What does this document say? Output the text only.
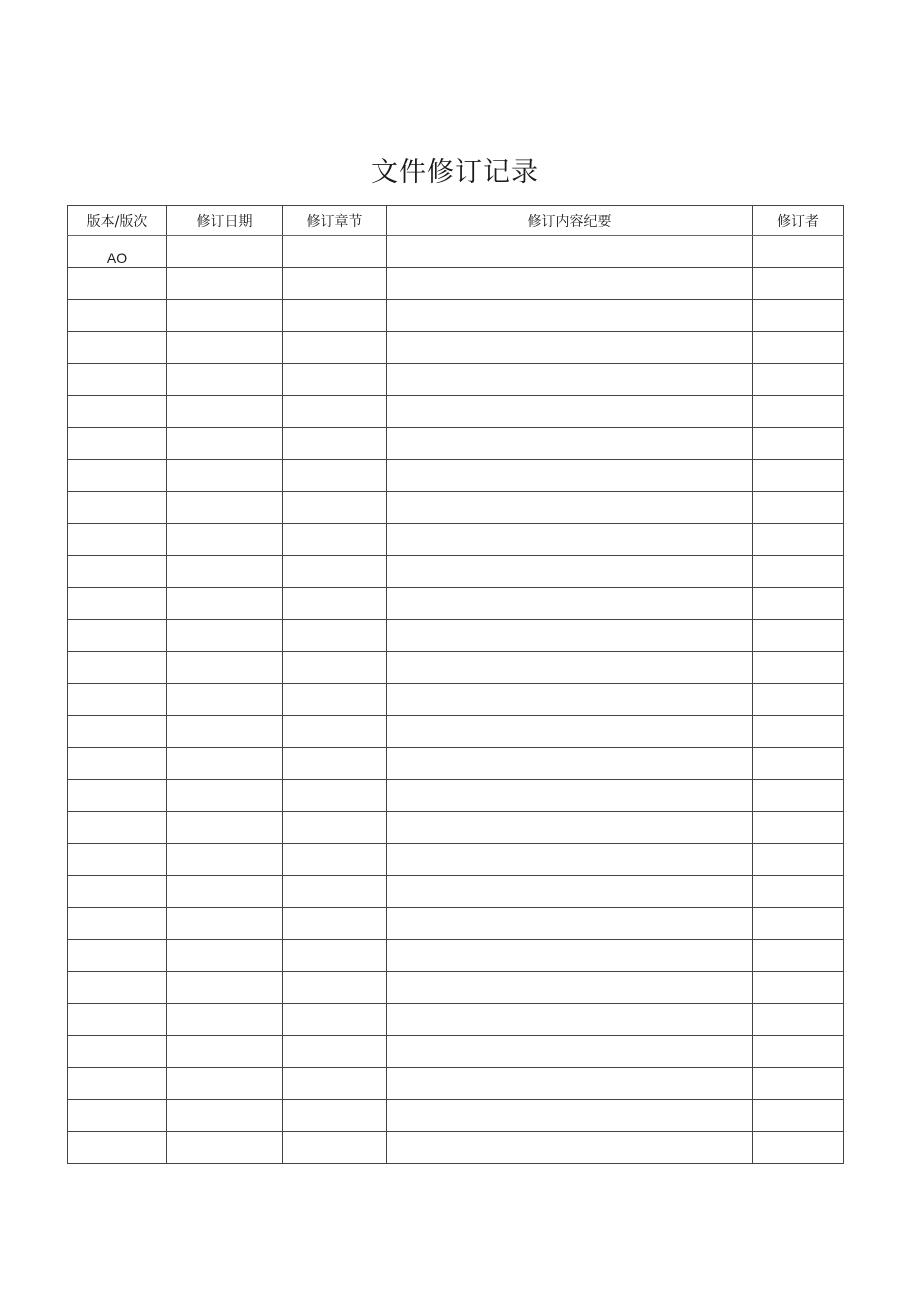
文件修订记录
版本/版次	修订日期	修订章节	修订内容纪要	修订者
AO				
